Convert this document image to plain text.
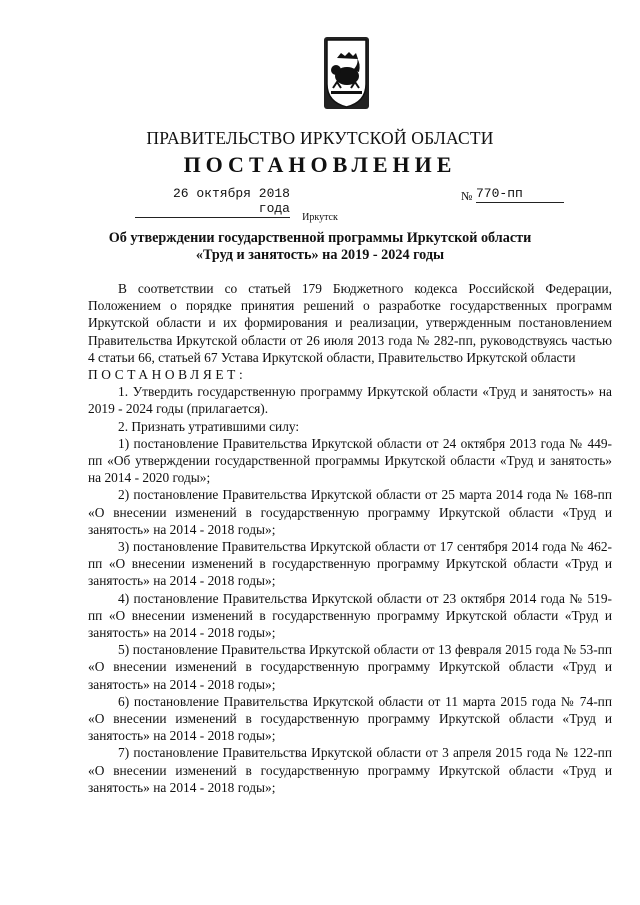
ПРАВИТЕЛЬСТВО ИРКУТСКОЙ ОБЛАСТИ
ПОСТАНОВЛЕНИЕ
26 октября 2018 года
№ 770-пп
Иркутск
Об утверждении государственной программы Иркутской области
«Труд и занятость» на 2019 - 2024 годы

В соответствии со статьей 179 Бюджетного кодекса Российской Федерации, Положением о порядке принятия решений о разработке государственных программ Иркутской области и их формирования и реализации, утвержденным постановлением Правительства Иркутской области от 26 июля 2013 года № 282-пп, руководствуясь частью 4 статьи 66, статьей 67 Устава Иркутской области, Правительство Иркутской области

ПОСТАНОВЛЯЕТ:

1. Утвердить государственную программу Иркутской области «Труд и занятость» на 2019 - 2024 годы (прилагается).

2. Признать утратившими силу:

1) постановление Правительства Иркутской области от 24 октября 2013 года № 449-пп «Об утверждении государственной программы Иркутской области «Труд и занятость» на 2014 - 2020 годы»;

2) постановление Правительства Иркутской области от 25 марта 2014 года № 168-пп «О внесении изменений в государственную программу Иркутской области «Труд и занятость» на 2014 - 2018 годы»;

3) постановление Правительства Иркутской области от 17 сентября 2014 года № 462-пп «О внесении изменений в государственную программу Иркутской области «Труд и занятость» на 2014 - 2018 годы»;

4) постановление Правительства Иркутской области от 23 октября 2014 года № 519-пп «О внесении изменений в государственную программу Иркутской области «Труд и занятость» на 2014 - 2018 годы»;

5) постановление Правительства Иркутской области от 13 февраля 2015 года № 53-пп «О внесении изменений в государственную программу Иркутской области «Труд и занятость» на 2014 - 2018 годы»;

6) постановление Правительства Иркутской области от 11 марта 2015 года № 74-пп «О внесении изменений в государственную программу Иркутской области «Труд и занятость» на 2014 - 2018 годы»;

7) постановление Правительства Иркутской области от 3 апреля 2015 года № 122-пп «О внесении изменений в государственную программу Иркутской области «Труд и занятость» на 2014 - 2018 годы»;
